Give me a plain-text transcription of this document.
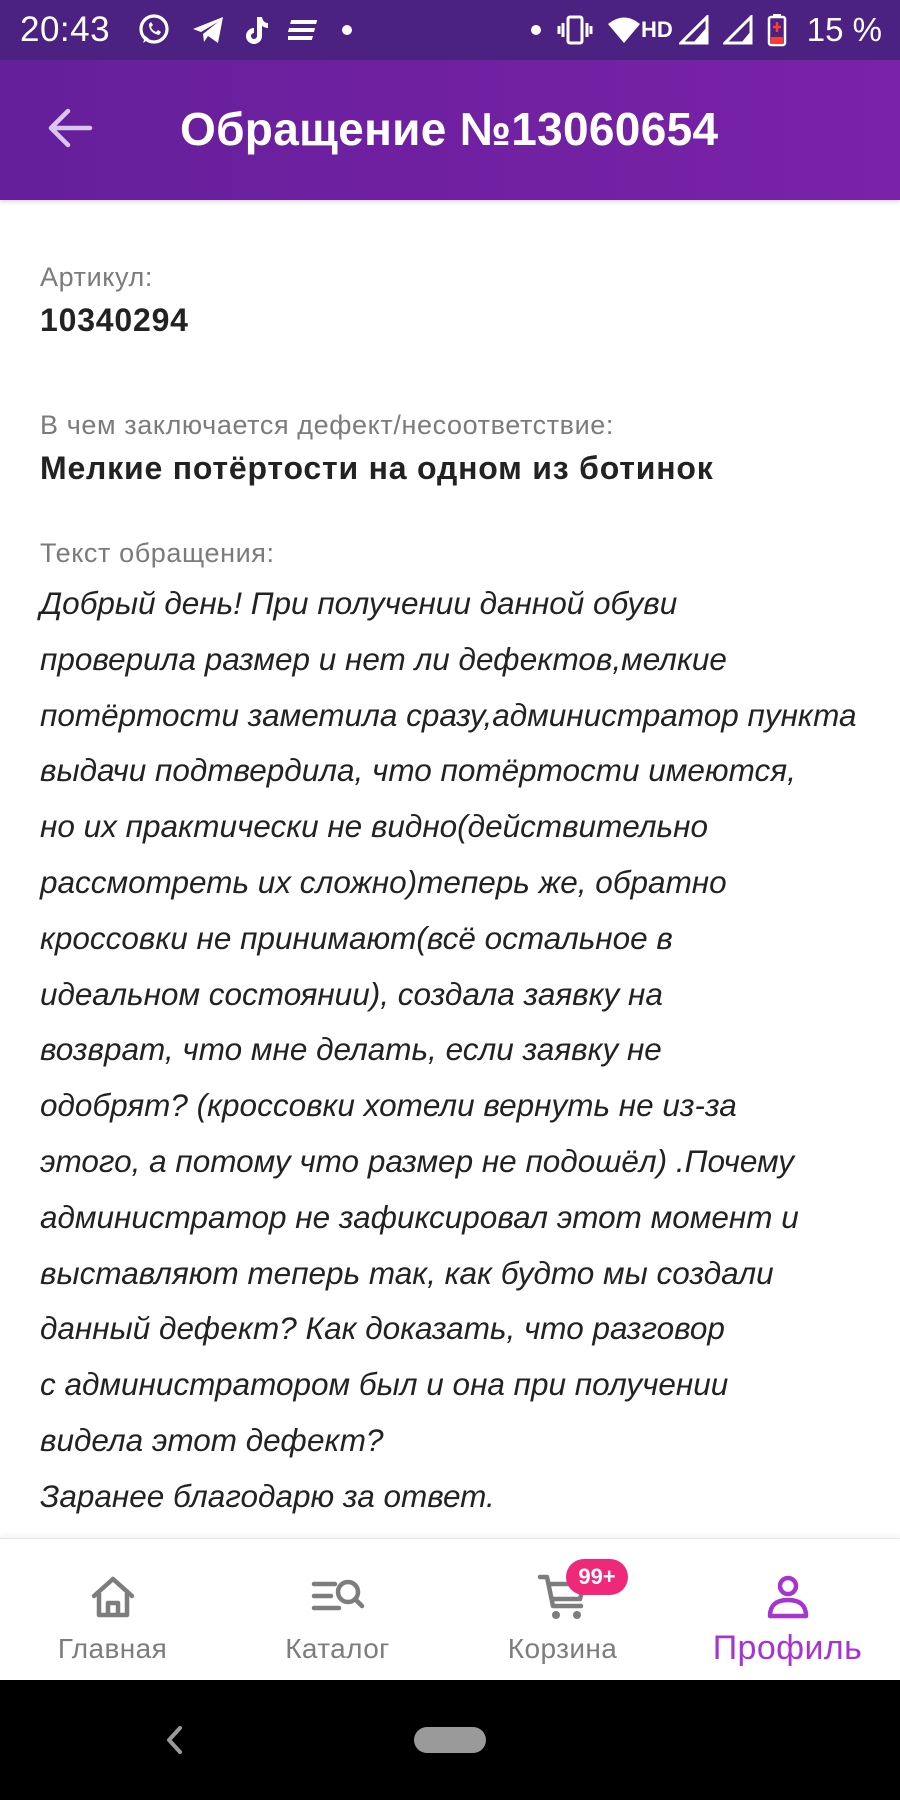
20:43	HD	15 %
Обращение №13060654
Артикул:
10340294
В чем заключается дефект/несоответствие:
Мелкие потёртости на одном из ботинок
Текст обращения:
Добрый день! При получении данной обуви
проверила размер и нет ли дефектов,мелкие
потёртости заметила сразу,администратор пункта
выдачи подтвердила, что потёртости имеются,
но их практически не видно(действительно
рассмотреть их сложно)теперь же, обратно
кроссовки не принимают(всё остальное в
идеальном состоянии), создала заявку на
возврат, что мне делать, если заявку не
одобрят? (кроссовки хотели вернуть не из-за
этого, а потому что размер не подошёл) .Почему
администратор не зафиксировал этот момент и
выставляют теперь так, как будто мы создали
данный дефект? Как доказать, что разговор
с администратором был и она при получении
видела этот дефект?
Заранее благодарю за ответ.
Главная	Каталог	Корзина
99+
Профиль
